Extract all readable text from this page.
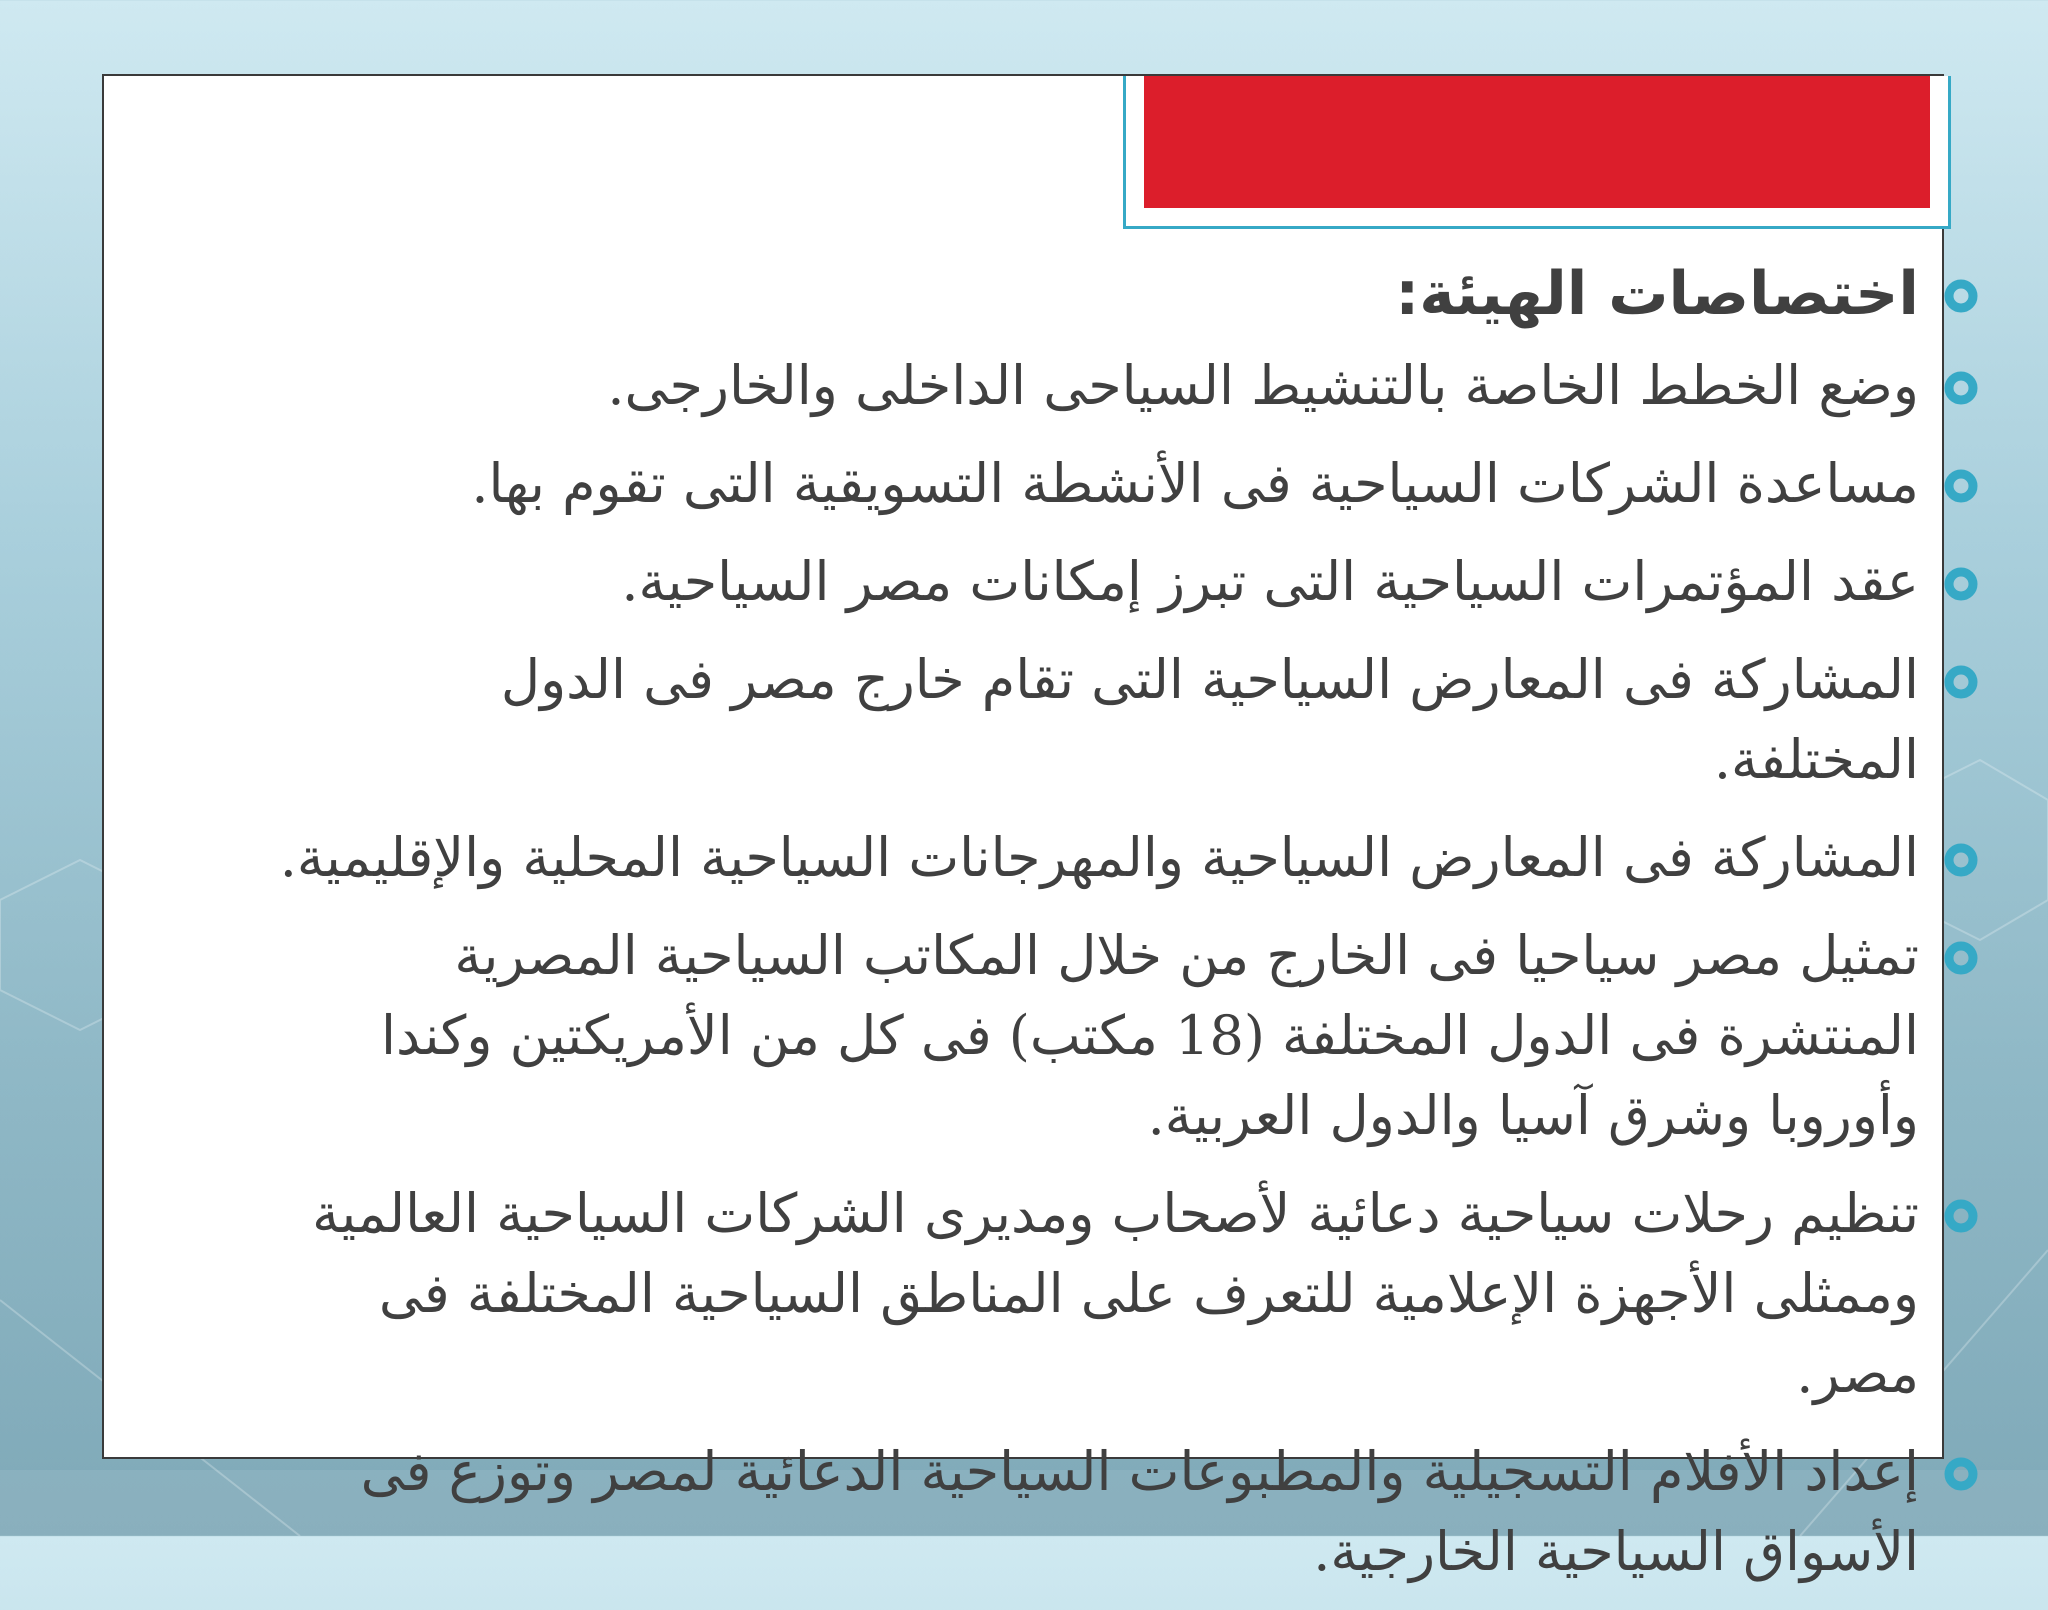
اختصاصات الهيئة:
وضع الخطط الخاصة بالتنشيط السياحى الداخلى والخارجى.
مساعدة الشركات السياحية فى الأنشطة التسويقية التى تقوم بها.
عقد المؤتمرات السياحية التى تبرز إمكانات مصر السياحية.
المشاركة فى المعارض السياحية التى تقام خارج مصر فى الدول المختلفة.
المشاركة فى المعارض السياحية والمهرجانات السياحية المحلية والإقليمية.
تمثيل مصر سياحيا فى الخارج من خلال المكاتب السياحية المصرية المنتشرة فى الدول المختلفة (18 مكتب) فى كل من الأمريكتين وكندا وأوروبا وشرق آسيا والدول العربية.
تنظيم رحلات سياحية دعائية لأصحاب ومديرى الشركات السياحية العالمية وممثلى الأجهزة الإعلامية للتعرف على المناطق السياحية المختلفة فى مصر.
إعداد الأفلام التسجيلية والمطبوعات السياحية الدعائية لمصر وتوزع فى الأسواق السياحية الخارجية.
